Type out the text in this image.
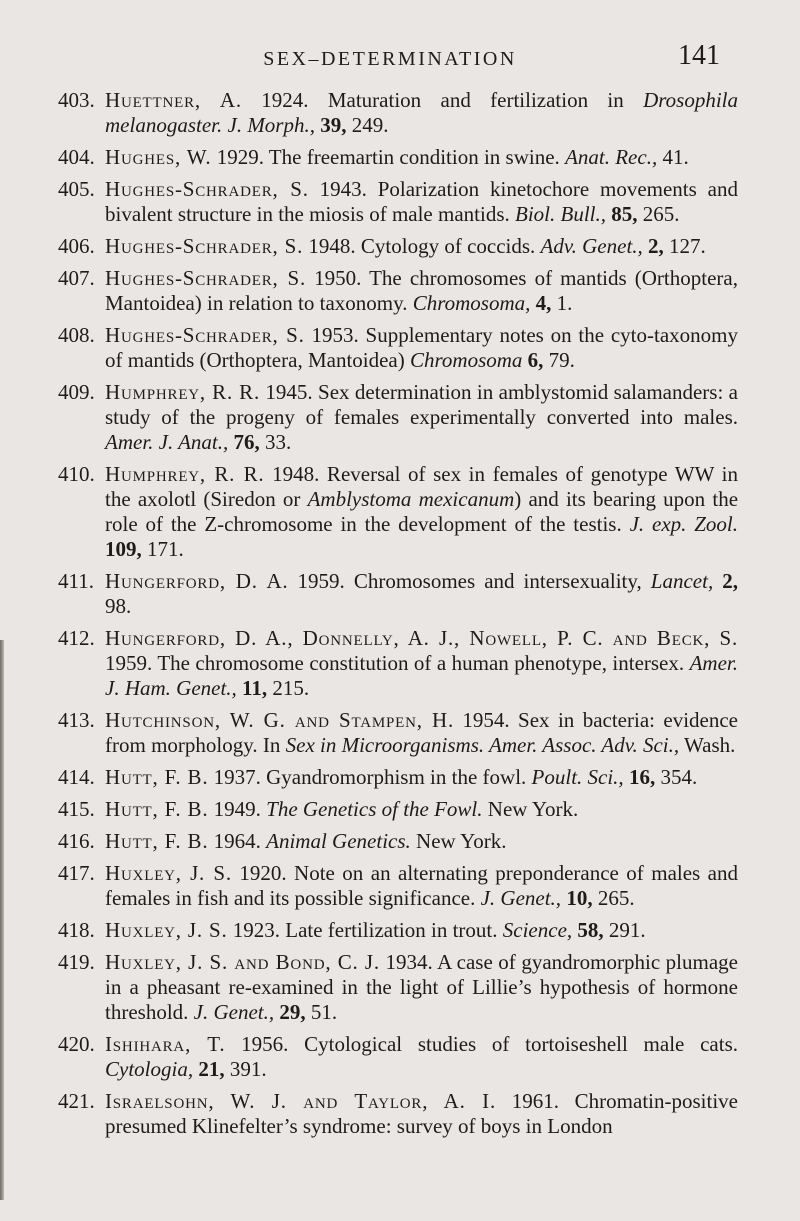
SEX–DETERMINATION	141
403. Huettner, A. 1924. Maturation and fertilization in Drosophila melanogaster. J. Morph., 39, 249.
404. Hughes, W. 1929. The freemartin condition in swine. Anat. Rec., 41.
405. Hughes-Schrader, S. 1943. Polarization kinetochore movements and bivalent structure in the miosis of male mantids. Biol. Bull., 85, 265.
406. Hughes-Schrader, S. 1948. Cytology of coccids. Adv. Genet., 2, 127.
407. Hughes-Schrader, S. 1950. The chromosomes of mantids (Orthoptera, Mantoidea) in relation to taxonomy. Chromosoma, 4, 1.
408. Hughes-Schrader, S. 1953. Supplementary notes on the cyto-taxonomy of mantids (Orthoptera, Mantoidea) Chromosoma 6, 79.
409. Humphrey, R. R. 1945. Sex determination in amblystomid salamanders: a study of the progeny of females experimentally converted into males. Amer. J. Anat., 76, 33.
410. Humphrey, R. R. 1948. Reversal of sex in females of genotype WW in the axolotl (Siredon or Amblystoma mexicanum) and its bearing upon the role of the Z-chromosome in the development of the testis. J. exp. Zool. 109, 171.
411. Hungerford, D. A. 1959. Chromosomes and intersexuality, Lancet, 2, 98.
412. Hungerford, D. A., Donnelly, A. J., Nowell, P. C. and Beck, S. 1959. The chromosome constitution of a human phenotype, intersex. Amer. J. Ham. Genet., 11, 215.
413. Hutchinson, W. G. and Stampen, H. 1954. Sex in bacteria: evidence from morphology. In Sex in Microorganisms. Amer. Assoc. Adv. Sci., Wash.
414. Hutt, F. B. 1937. Gyandromorphism in the fowl. Poult. Sci., 16, 354.
415. Hutt, F. B. 1949. The Genetics of the Fowl. New York.
416. Hutt, F. B. 1964. Animal Genetics. New York.
417. Huxley, J. S. 1920. Note on an alternating preponderance of males and females in fish and its possible significance. J. Genet., 10, 265.
418. Huxley, J. S. 1923. Late fertilization in trout. Science, 58, 291.
419. Huxley, J. S. and Bond, C. J. 1934. A case of gyandromorphic plumage in a pheasant re-examined in the light of Lillie’s hypothesis of hormone threshold. J. Genet., 29, 51.
420. Ishihara, T. 1956. Cytological studies of tortoiseshell male cats. Cytologia, 21, 391.
421. Israelsohn, W. J. and Taylor, A. I. 1961. Chromatin-positive presumed Klinefelter’s syndrome: survey of boys in London
